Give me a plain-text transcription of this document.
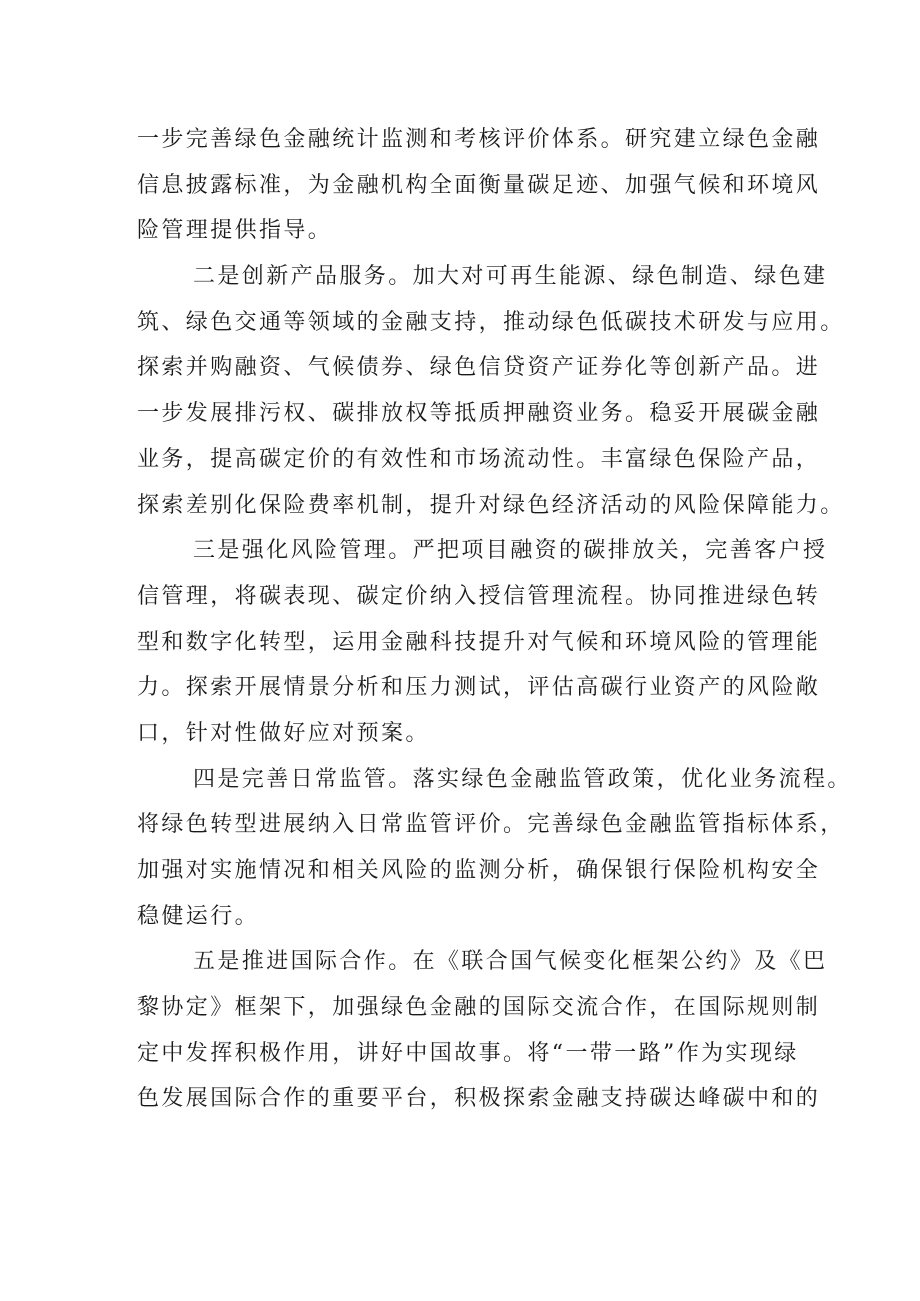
一步完善绿色金融统计监测和考核评价体系。研究建立绿色金融
信息披露标准，为金融机构全面衡量碳足迹、加强气候和环境风
险管理提供指导。
二是创新产品服务。加大对可再生能源、绿色制造、绿色建
筑、绿色交通等领域的金融支持，推动绿色低碳技术研发与应用。
探索并购融资、气候债券、绿色信贷资产证券化等创新产品。进
一步发展排污权、碳排放权等抵质押融资业务。稳妥开展碳金融
业务，提高碳定价的有效性和市场流动性。丰富绿色保险产品，
探索差别化保险费率机制，提升对绿色经济活动的风险保障能力。
三是强化风险管理。严把项目融资的碳排放关，完善客户授
信管理，将碳表现、碳定价纳入授信管理流程。协同推进绿色转
型和数字化转型，运用金融科技提升对气候和环境风险的管理能
力。探索开展情景分析和压力测试，评估高碳行业资产的风险敞
口，针对性做好应对预案。
四是完善日常监管。落实绿色金融监管政策，优化业务流程。
将绿色转型进展纳入日常监管评价。完善绿色金融监管指标体系，
加强对实施情况和相关风险的监测分析，确保银行保险机构安全
稳健运行。
五是推进国际合作。在《联合国气候变化框架公约》及《巴
黎协定》框架下，加强绿色金融的国际交流合作，在国际规则制
定中发挥积极作用，讲好中国故事。将“一带一路”作为实现绿
色发展国际合作的重要平台，积极探索金融支持碳达峰碳中和的
